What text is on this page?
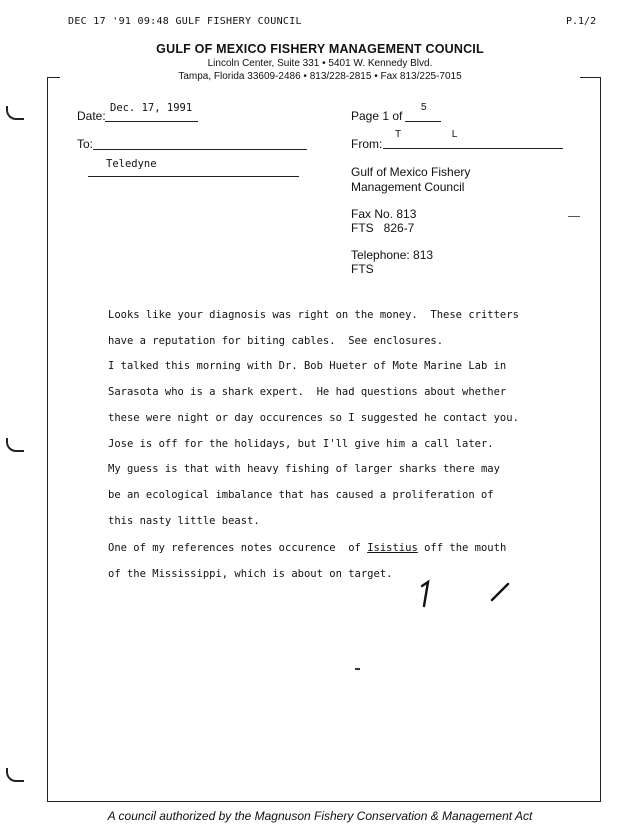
DEC 17 '91 09:48 GULF FISHERY COUNCIL	P.1/2
GULF OF MEXICO FISHERY MANAGEMENT COUNCIL
Lincoln Center, Suite 331 • 5401 W. Kennedy Blvd.
Tampa, Florida 33609-2486 • 813/228-2815 • Fax 813/225-7015
Date:
Dec. 17, 1991
To:
Teledyne
Page 1 of
5
From:
T L
Gulf of Mexico Fishery
Management Council
Fax No. 813
FTS   826-7
Telephone: 813
FTS
Looks like your diagnosis was right on the money.  These critters
have a reputation for biting cables.  See enclosures.
I talked this morning with Dr. Bob Hueter of Mote Marine Lab in
Sarasota who is a shark expert.  He had questions about whether
these were night or day occurences so I suggested he contact you.
Jose is off for the holidays, but I'll give him a call later.
My guess is that with heavy fishing of larger sharks there may
be an ecological imbalance that has caused a proliferation of
this nasty little beast.
One of my references notes occurence  of Isistius off the mouth
of the Mississippi, which is about on target.
A council authorized by the Magnuson Fishery Conservation & Management Act
